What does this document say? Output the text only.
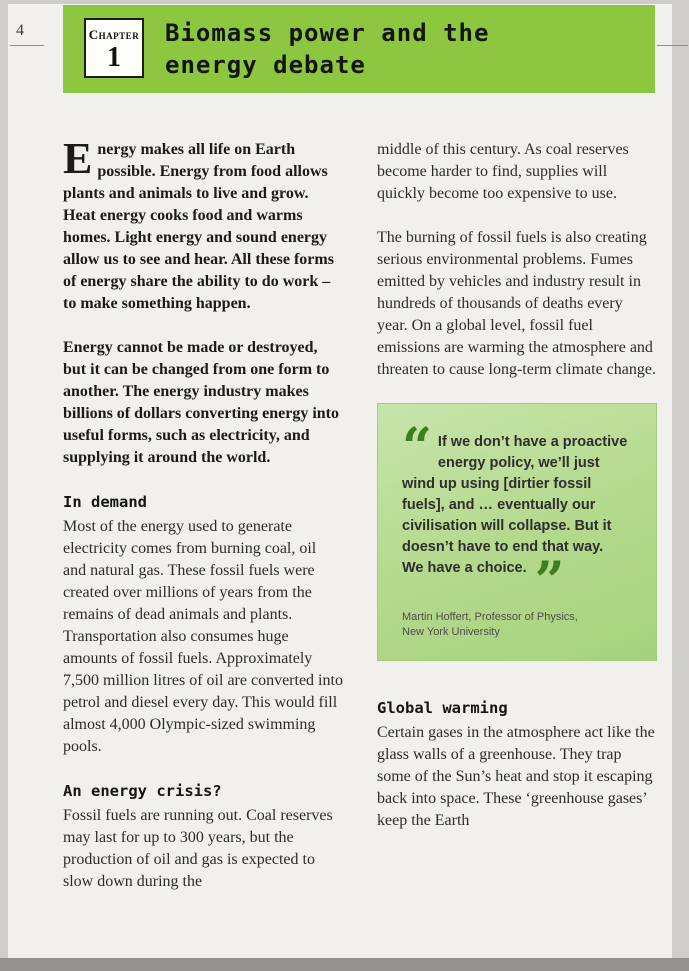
4	Chapter
1
Biomass power and the energy debate

Energy makes all life on Earth possible. Energy from food allows plants and animals to live and grow. Heat energy cooks food and warms homes. Light energy and sound energy allow us to see and hear. All these forms of energy share the ability to do work – to make something happen.

Energy cannot be made or destroyed, but it can be changed from one form to another. The energy industry makes billions of dollars converting energy into useful forms, such as electricity, and supplying it around the world.

In demand

Most of the energy used to generate electricity comes from burning coal, oil and natural gas. These fossil fuels were created over millions of years from the remains of dead animals and plants. Transportation also consumes huge amounts of fossil fuels. Approximately 7,500 million litres of oil are converted into petrol and diesel every day. This would fill almost 4,000 Olympic-sized swimming pools.

An energy crisis?

Fossil fuels are running out. Coal reserves may last for up to 300 years, but the production of oil and gas is expected to slow down during the

middle of this century. As coal reserves become harder to find, supplies will quickly become too expensive to use.

The burning of fossil fuels is also creating serious environmental problems. Fumes emitted by vehicles and industry result in hundreds of thousands of deaths every year. On a global level, fossil fuel emissions are warming the atmosphere and threaten to cause long-term climate change.

“ If we don’t have a proactive energy policy, we’ll just wind up using [dirtier fossil fuels], and … eventually our civilisation will collapse. But it doesn’t have to end that way. We have a choice. ”
Martin Hoffert, Professor of Physics,
New York University
Global warming

Certain gases in the atmosphere act like the glass walls of a greenhouse. They trap some of the Sun’s heat and stop it escaping back into space. These ‘greenhouse gases’ keep the Earth
